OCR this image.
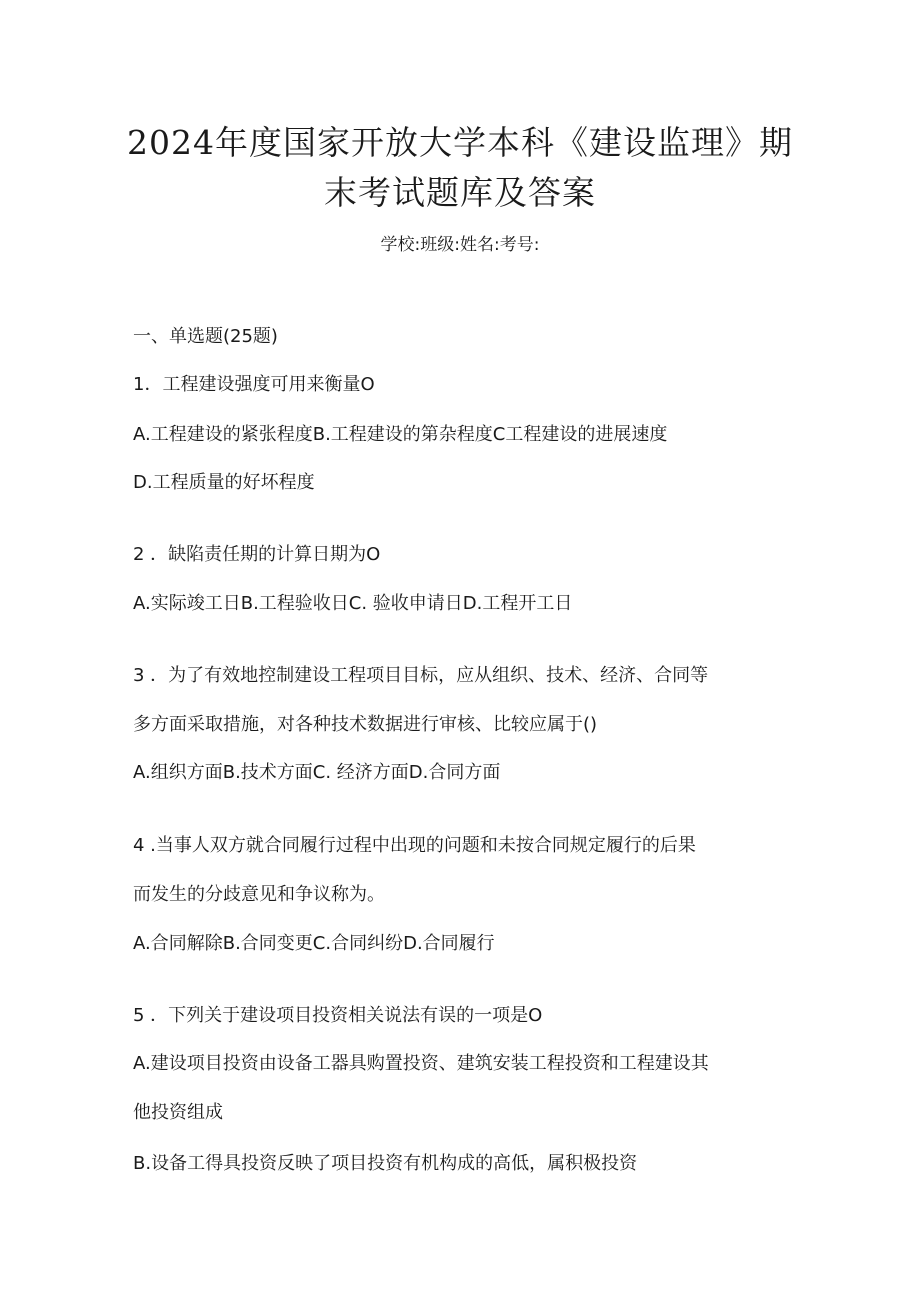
2024年度国家开放大学本科《建设监理》期
末考试题库及答案
学校:班级:姓名:考号:
一、单选题(25题)
1．工程建设强度可用来衡量O
A.工程建设的紧张程度B.工程建设的第杂程度C工程建设的进展速度
D.工程质量的好坏程度
2 ．缺陷责任期的计算日期为O
A.实际竣工日B.工程验收日C. 验收申请日D.工程开工日
3 ．为了有效地控制建设工程项目目标，应从组织、技术、经济、合同等
多方面采取措施，对各种技术数据进行审核、比较应属于()
A.组织方面B.技术方面C. 经济方面D.合同方面
4 .当事人双方就合同履行过程中出现的问题和未按合同规定履行的后果
而发生的分歧意见和争议称为。
A.合同解除B.合同变更C.合同纠纷D.合同履行
5 ．下列关于建设项目投资相关说法有误的一项是O
A.建设项目投资由设备工器具购置投资、建筑安装工程投资和工程建设其
他投资组成
B.设备工得具投资反映了项目投资有机构成的高低，属积极投资
